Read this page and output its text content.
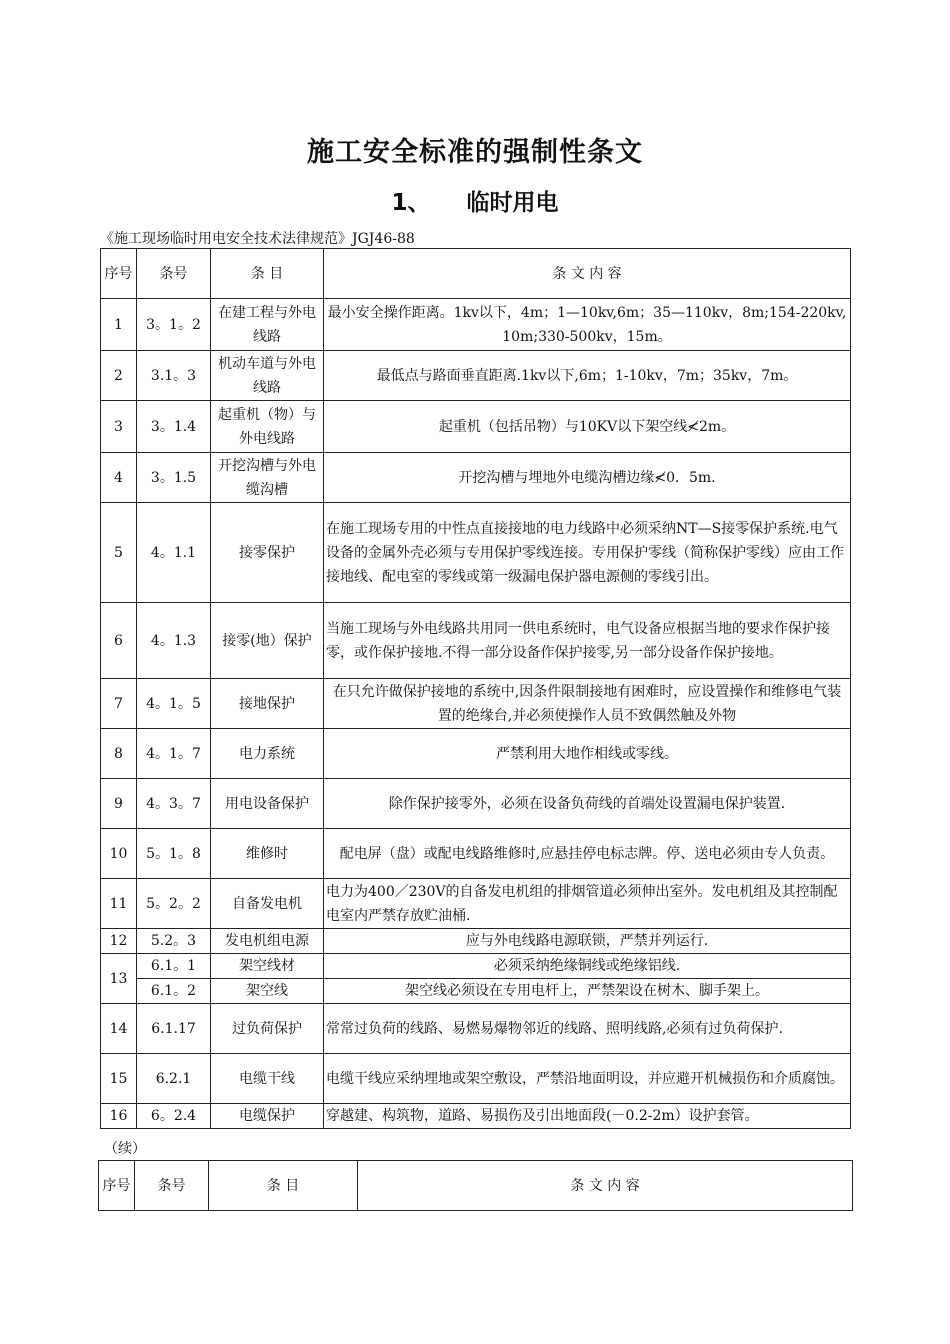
施工安全标准的强制性条文
1、 临时用电
《施工现场临时用电安全技术法律规范》JGJ46-88
序号	条号	条 目	条 文 内 容
1	3。1。2	在建工程与外电线路	最小安全操作距离。1kv以下，4m；1—10kv,6m；35—110kv，8m;154-220kv,10m;330-500kv，15m。
2	3.1。3	机动车道与外电线路	最低点与路面垂直距离.1kv以下,6m；1-10kv，7m；35kv，7m。
3	3。1.4	起重机（物）与外电线路	起重机（包括吊物）与10KV以下架空线≮2m。
4	3。1.5	开挖沟槽与外电缆沟槽	开挖沟槽与埋地外电缆沟槽边缘≮0．5m.
5	4。1.1	接零保护	在施工现场专用的中性点直接接地的电力线路中必须采纳NT—S接零保护系统.电气设备的金属外壳必须与专用保护零线连接。专用保护零线（简称保护零线）应由工作接地线、配电室的零线或第一级漏电保护器电源侧的零线引出。
6	4。1.3	接零(地）保护	当施工现场与外电线路共用同一供电系统时，电气设备应根据当地的要求作保护接零，或作保护接地.不得一部分设备作保护接零,另一部分设备作保护接地。
7	4。1。5	接地保护	在只允许做保护接地的系统中,因条件限制接地有困难时，应设置操作和维修电气装置的绝缘台,并必须使操作人员不致偶然触及外物
8	4。1。7	电力系统	严禁利用大地作相线或零线。
9	4。3。7	用电设备保护	除作保护接零外，必须在设备负荷线的首端处设置漏电保护装置.
10	5。1。8	维修时	配电屏（盘）或配电线路维修时,应悬挂停电标志牌。停、送电必须由专人负责。
11	5。2。2	自备发电机	电力为400／230V的自备发电机组的排烟管道必须伸出室外。发电机组及其控制配电室内严禁存放贮油桶.
12	5.2。3	发电机组电源	应与外电线路电源联锁，严禁并列运行.
13	6.1。1	架空线材	必须采纳绝缘铜线或绝缘铝线.
	6.1。2	架空线	架空线必须设在专用电杆上，严禁架设在树木、脚手架上。
14	6.1.17	过负荷保护	常常过负荷的线路、易燃易爆物邻近的线路、照明线路,必须有过负荷保护.
15	6.2.1	电缆干线	电缆干线应采纳埋地或架空敷设，严禁沿地面明设，并应避开机械损伤和介质腐蚀。
16	6。2.4	电缆保护	穿越建、构筑物，道路、易损伤及引出地面段(－0.2-2m）设护套管。
（续）
序号	条号	条 目	条 文 内 容
